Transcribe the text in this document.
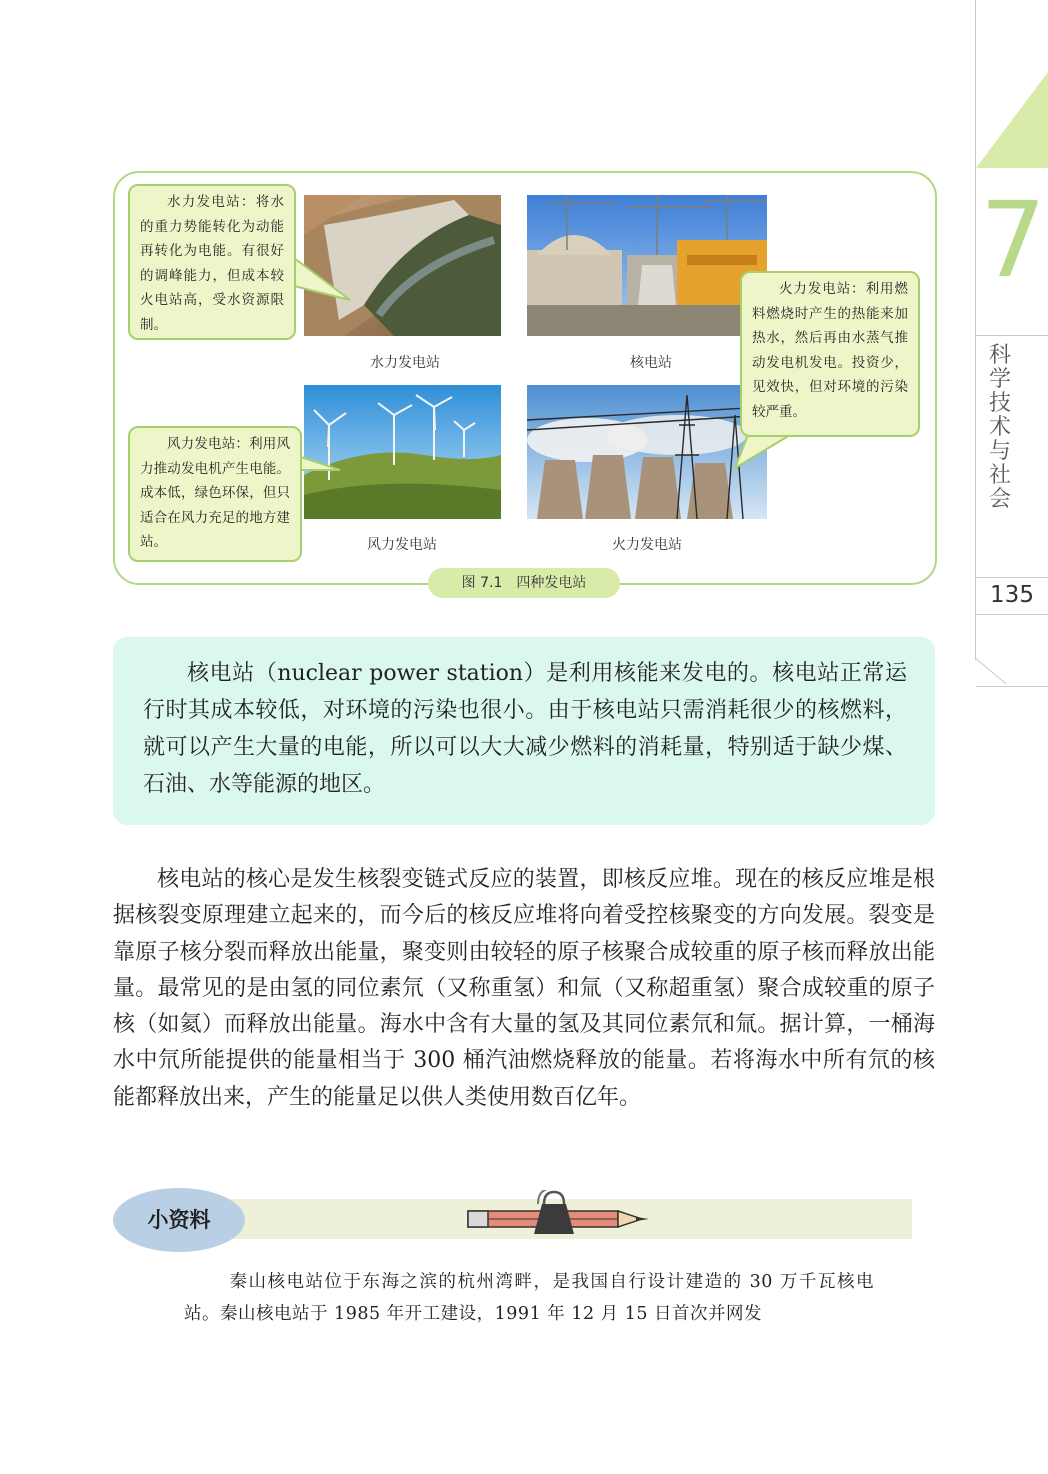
7
科学技术与社会
135
水力发电站	核电站
风力发电站	火力发电站
水力发电站：将水的重力势能转化为动能再转化为电能。有很好的调峰能力，但成本较火电站高，受水资源限制。
风力发电站：利用风力推动发电机产生电能。成本低，绿色环保，但只适合在风力充足的地方建站。
火力发电站：利用燃料燃烧时产生的热能来加热水，然后再由水蒸气推动发电机发电。投资少，见效快，但对环境的污染较严重。
图 7.1 四种发电站

核电站（nuclear power station）是利用核能来发电的。核电站正常运行时其成本较低，对环境的污染也很小。由于核电站只需消耗很少的核燃料，就可以产生大量的电能，所以可以大大减少燃料的消耗量，特别适于缺少煤、石油、水等能源的地区。

核电站的核心是发生核裂变链式反应的装置，即核反应堆。现在的核反应堆是根据核裂变原理建立起来的，而今后的核反应堆将向着受控核聚变的方向发展。裂变是靠原子核分裂而释放出能量，聚变则由较轻的原子核聚合成较重的原子核而释放出能量。最常见的是由氢的同位素氘（又称重氢）和氚（又称超重氢）聚合成较重的原子核（如氦）而释放出能量。海水中含有大量的氢及其同位素氘和氚。据计算，一桶海水中氘所能提供的能量相当于 300 桶汽油燃烧释放的能量。若将海水中所有氘的核能都释放出来，产生的能量足以供人类使用数百亿年。

小资料

秦山核电站位于东海之滨的杭州湾畔，是我国自行设计建造的 30 万千瓦核电站。秦山核电站于 1985 年开工建设，1991 年 12 月 15 日首次并网发
